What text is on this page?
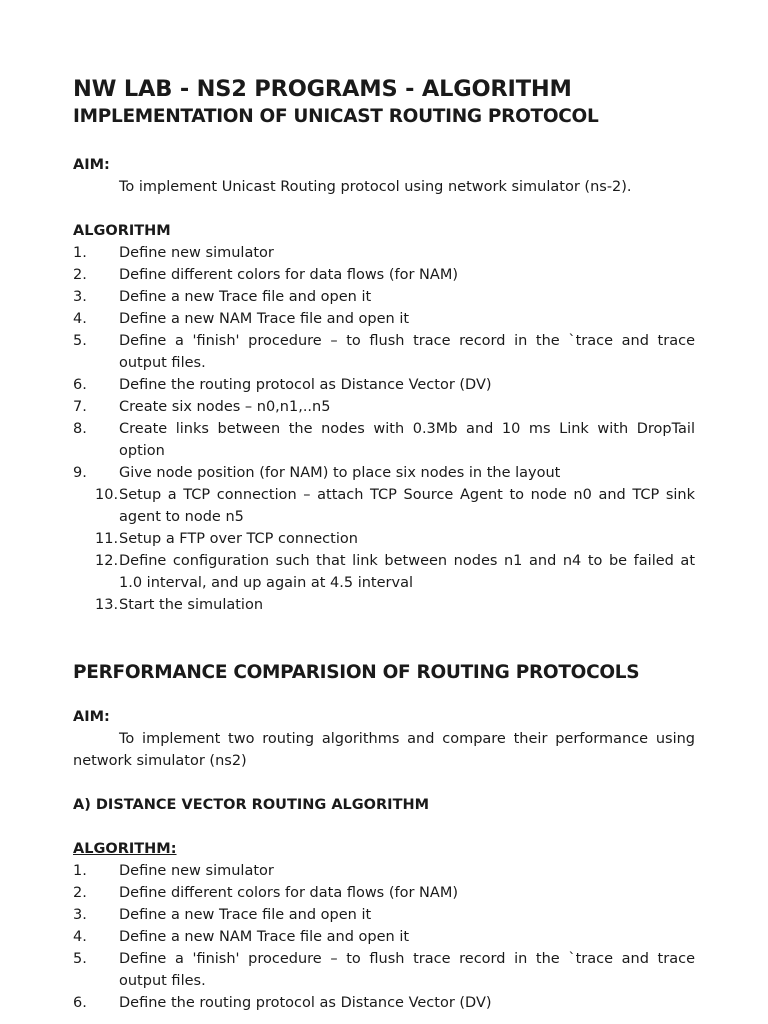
NW LAB - NS2 PROGRAMS - ALGORITHM
IMPLEMENTATION OF UNICAST ROUTING PROTOCOL
AIM:

To implement Unicast Routing protocol using network simulator (ns-2).

ALGORITHM
1.	Define new simulator
2.	Define different colors for data flows (for NAM)
3.	Define a new Trace file and open it
4.	Define a new NAM Trace file and open it
5.	Define a 'finish' procedure – to flush trace record in the `trace and trace output files.
6.	Define the routing protocol as Distance Vector (DV)
7.	Create six nodes – n0,n1,..n5
8.	Create links between the nodes with 0.3Mb and 10 ms Link with DropTail option
9.	Give node position (for NAM) to place six nodes in the layout
10. Setup a TCP connection – attach TCP Source Agent to node n0 and TCP sink agent to node n5
11. Setup a FTP over TCP connection
12. Define configuration such that link between nodes n1 and n4 to be failed at 1.0 interval, and up again at 4.5 interval
13. Start the simulation
PERFORMANCE COMPARISION OF ROUTING PROTOCOLS
AIM:

To implement two routing algorithms and compare their performance using network simulator (ns2)

A) DISTANCE VECTOR ROUTING ALGORITHM
ALGORITHM:
1.	Define new simulator
2.	Define different colors for data flows (for NAM)
3.	Define a new Trace file and open it
4.	Define a new NAM Trace file and open it
5.	Define a 'finish' procedure – to flush trace record in the `trace and trace output files.
6.	Define the routing protocol as Distance Vector (DV)
